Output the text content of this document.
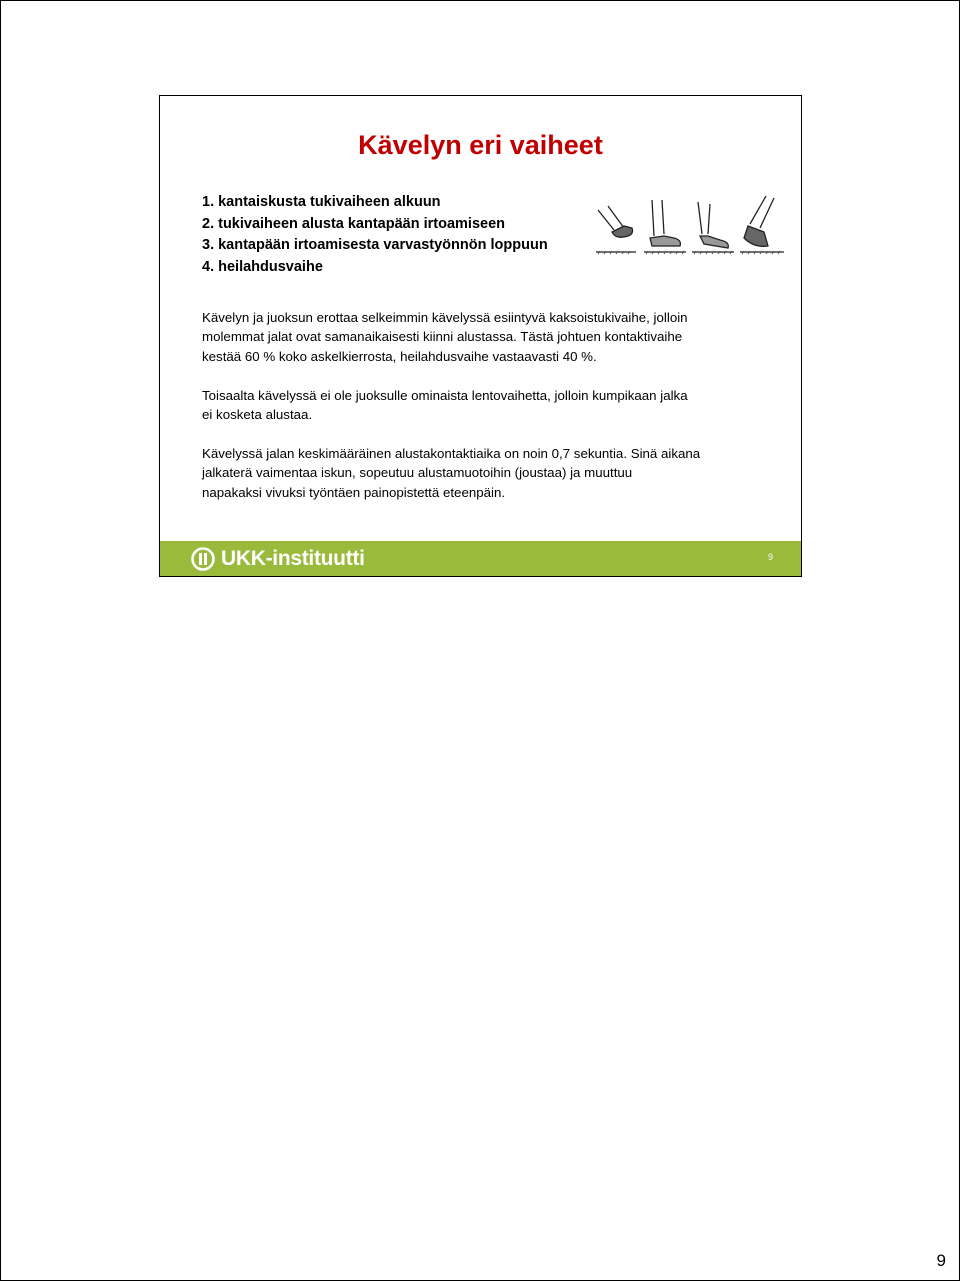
Kävelyn eri vaiheet
1. kantaiskusta tukivaiheen alkuun
2. tukivaiheen alusta kantapään irtoamiseen
3. kantapään irtoamisesta varvastyönnön loppuun
4. heilahdusvaihe

Kävelyn ja juoksun erottaa selkeimmin kävelyssä esiintyvä kaksoistukivaihe, jolloin
molemmat jalat ovat samanaikaisesti kiinni alustassa. Tästä johtuen kontaktivaihe
kestää 60 % koko askelkierrosta, heilahdusvaihe vastaavasti 40 %.

Toisaalta kävelyssä ei ole juoksulle ominaista lentovaihetta, jolloin kumpikaan jalka
ei kosketa alustaa.

Kävelyssä jalan keskimääräinen alustakontaktiaika on noin 0,7 sekuntia. Sinä aikana
jalkaterä vaimentaa iskun, sopeutuu alustamuotoihin (joustaa) ja muuttuu
napakaksi vivuksi työntäen painopistettä eteenpäin.

UKK-instituutti	9
9
